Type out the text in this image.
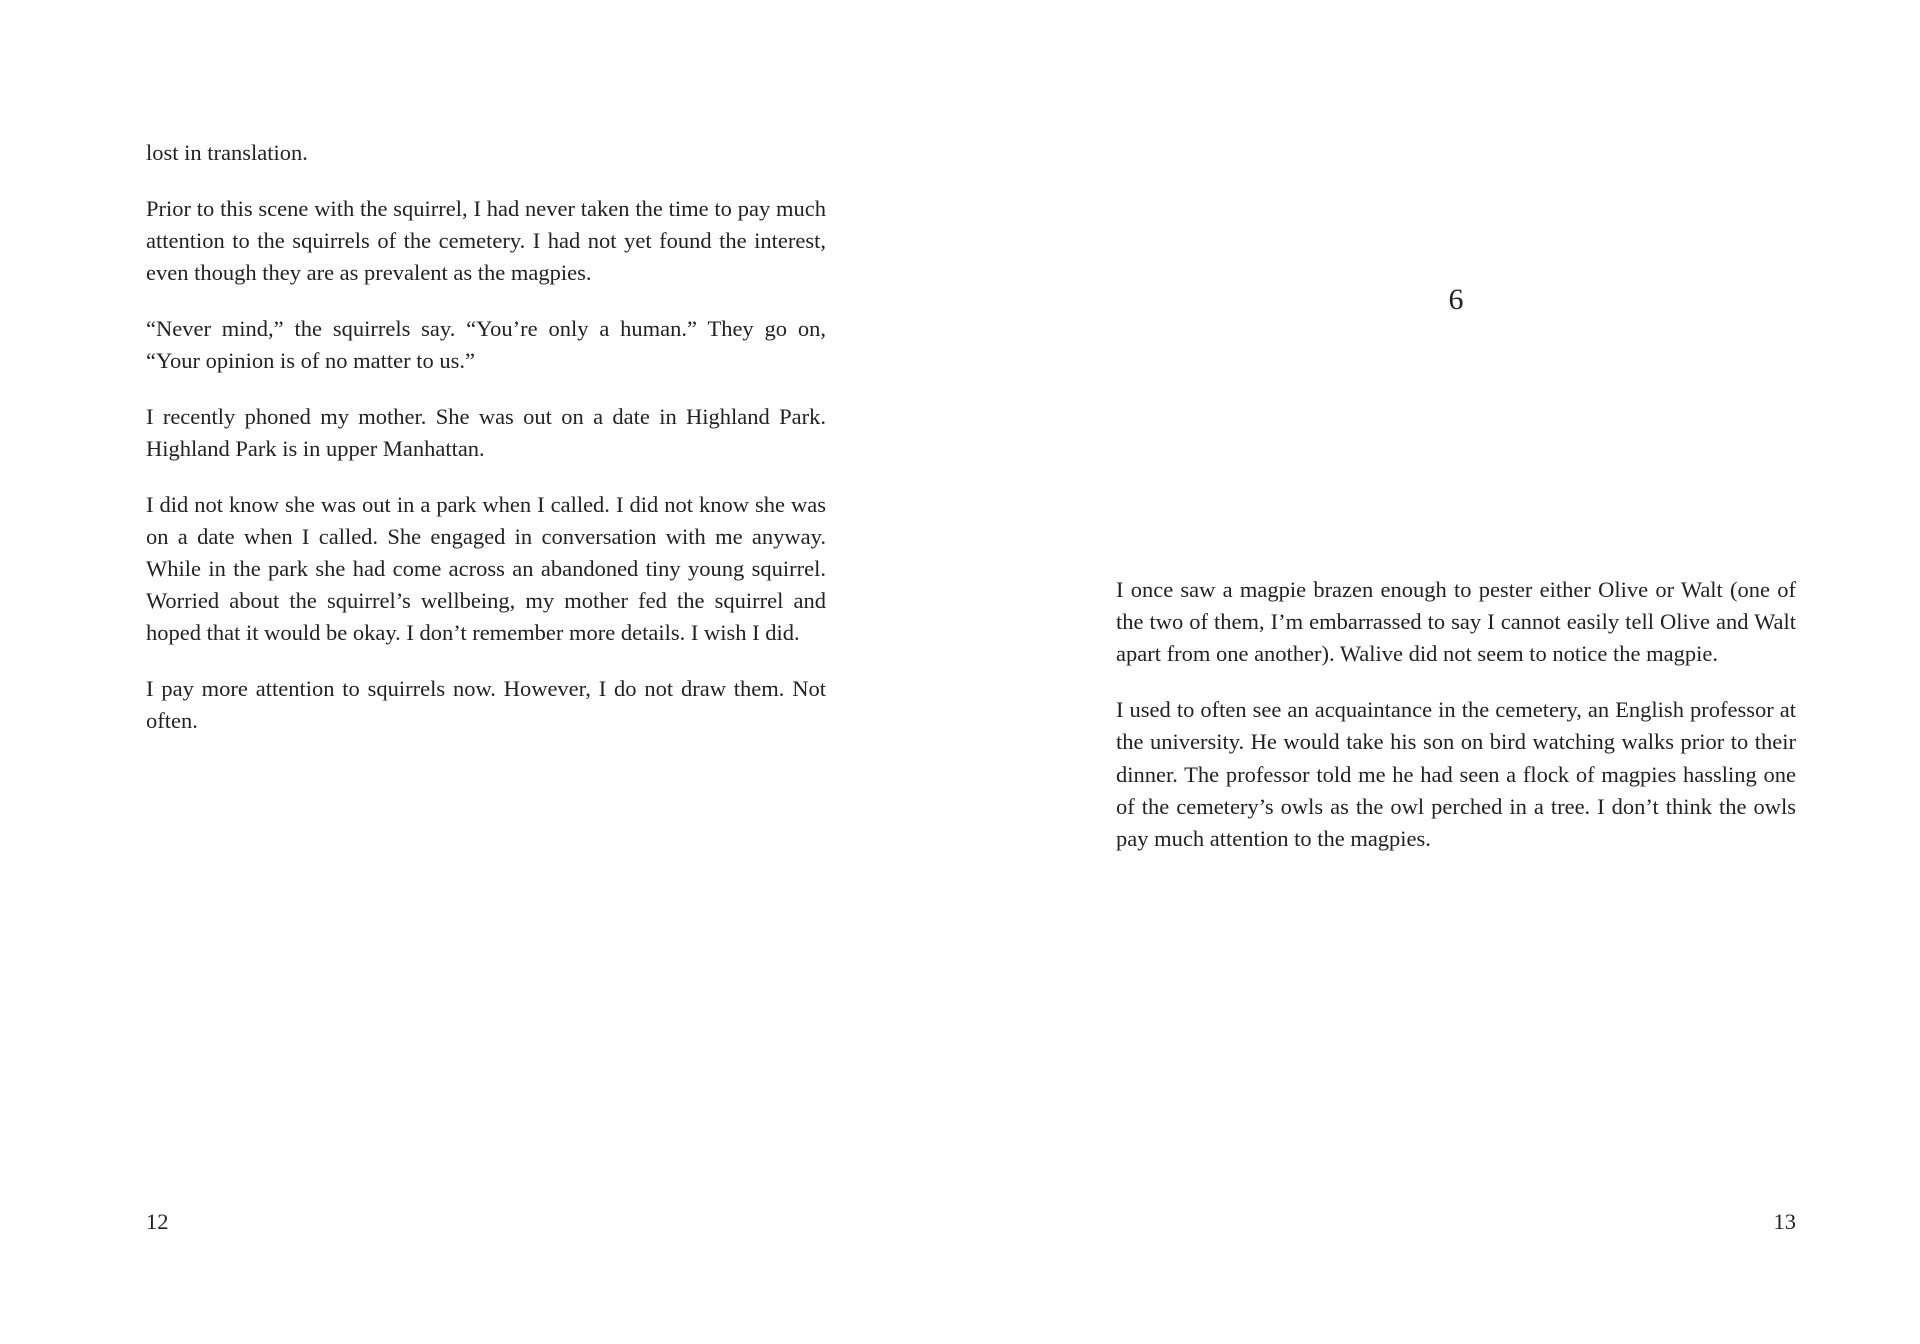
lost in translation.

Prior to this scene with the squirrel, I had never taken the time to pay much attention to the squirrels of the cemetery. I had not yet found the interest, even though they are as prevalent as the magpies.

“Never mind,” the squirrels say. “You’re only a human.” They go on, “Your opinion is of no matter to us.”

I recently phoned my mother. She was out on a date in Highland Park. Highland Park is in upper Manhattan.

I did not know she was out in a park when I called. I did not know she was on a date when I called. She engaged in conversation with me anyway. While in the park she had come across an abandoned tiny young squirrel. Worried about the squirrel’s wellbeing, my mother fed the squirrel and hoped that it would be okay. I don’t remember more details. I wish I did.

I pay more attention to squirrels now. However, I do not draw them. Not often.

12
6

I once saw a magpie brazen enough to pester either Olive or Walt (one of the two of them, I’m embarrassed to say I cannot easily tell Olive and Walt apart from one another). Walive did not seem to notice the magpie.

I used to often see an acquaintance in the cemetery, an English professor at the university. He would take his son on bird watching walks prior to their dinner. The professor told me he had seen a flock of magpies hassling one of the cemetery’s owls as the owl perched in a tree. I don’t think the owls pay much attention to the magpies.

13
